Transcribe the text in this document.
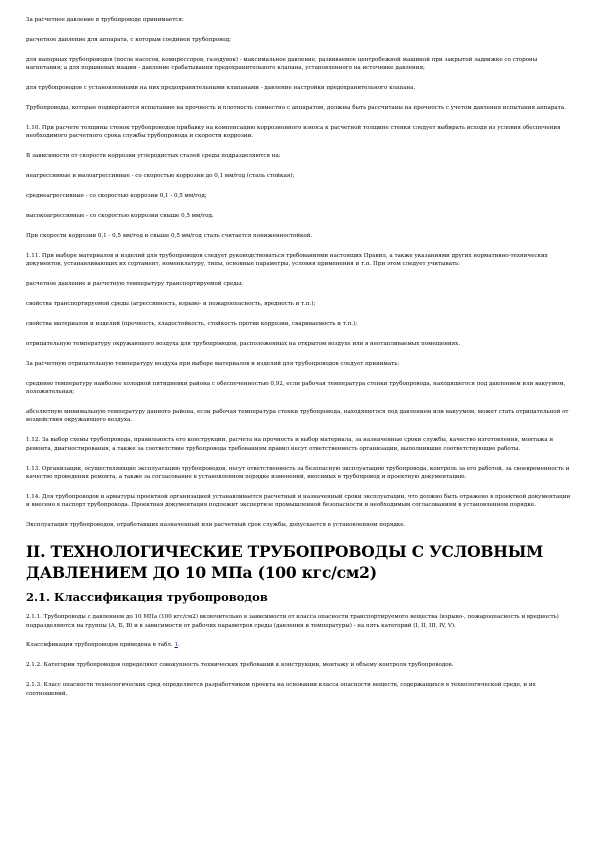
За расчетное давление в трубопроводе принимается:

расчетное давление для аппарата, с которым соединен трубопровод;

для напорных трубопроводов (после насосов, компрессоров, газодувок) - максимальное давление, развиваемое центробежной машиной при закрытой задвижке со стороны нагнетания; а для поршневых машин - давление срабатывания предохранительного клапана, установленного на источнике давления;

для трубопроводов с установленными на них предохранительными клапанами - давление настройки предохранительного клапана.

Трубопроводы, которые подвергаются испытанию на прочность и плотность совместно с аппаратом, должны быть рассчитаны на прочность с учетом давления испытания аппарата.

1.10. При расчете толщины стенок трубопроводов прибавку на компенсацию коррозионного износа к расчетной толщине стенки следует выбирать исходя из условия обеспечения необходимого расчетного срока службы трубопровода и скорости коррозии.

В зависимости от скорости коррозии углеродистых сталей среды подразделяются на:

неагрессивные и малоагрессивные - со скоростью коррозии до 0,1 мм/год (сталь стойкая);

среднеагрессивные - со скоростью коррозии 0,1 - 0,5 мм/год;

высокоагрессивные - со скоростью коррозии свыше 0,5 мм/год.

При скорости коррозии 0,1 - 0,5 мм/год и свыше 0,5 мм/год сталь считается пониженностойкой.

1.11. При выборе материалов и изделий для трубопроводов следует руководствоваться требованиями настоящих Правил, а также указаниями других нормативно-технических документов, устанавливающих их сортамент, номенклатуру, типы, основные параметры, условия применения и т.п. При этом следует учитывать:

расчетное давление и расчетную температуру транспортируемой среды;

свойства транспортируемой среды (агрессивность, взрыво- и пожароопасность, вредность и т.п.);

свойства материалов и изделий (прочность, хладостойкость, стойкость против коррозии, свариваемость и т.п.);

отрицательную температуру окружающего воздуха для трубопроводов, расположенных на открытом воздухе или в неотапливаемых помещениях.

За расчетную отрицательную температуру воздуха при выборе материалов и изделий для трубопроводов следует принимать:

среднюю температуру наиболее холодной пятидневки района с обеспеченностью 0,92, если рабочая температура стенки трубопровода, находящегося под давлением или вакуумом, положительная;

абсолютную минимальную температуру данного района, если рабочая температура стенки трубопровода, находящегося под давлением или вакуумом, может стать отрицательной от воздействия окружающего воздуха.

1.12. За выбор схемы трубопровода, правильность его конструкции, расчета на прочность и выбор материала, за назначенные сроки службы, качество изготовления, монтажа и ремонта, диагностирования, а также за соответствие трубопровода требованиям правил несут ответственность организации, выполнившие соответствующие работы.

1.13. Организации, осуществляющие эксплуатацию трубопроводов, несут ответственность за безопасную эксплуатацию трубопровода, контроль за его работой, за своевременность и качество проведения ремонта, а также за согласование в установленном порядке изменений, вносимых в трубопровод и проектную документацию.

1.14. Для трубопроводов и арматуры проектной организацией устанавливается расчетный и назначенный сроки эксплуатации, что должно быть отражено в проектной документации и внесено в паспорт трубопровода. Проектная документация подлежит экспертизе промышленной безопасности и необходимым согласованиям в установленном порядке.

Эксплуатация трубопроводов, отработавших назначенный или расчетный срок службы, допускается в установленном порядке.

II. ТЕХНОЛОГИЧЕСКИЕ ТРУБОПРОВОДЫ С УСЛОВНЫМ ДАВЛЕНИЕМ ДО 10 МПа (100 кгс/см2)
2.1. Классификация трубопроводов

2.1.1. Трубопроводы с давлением до 10 МПа (100 кгс/см2) включительно в зависимости от класса опасности транспортируемого вещества (взрыво-, пожароопасность и вредность) подразделяются на группы (А, Б, В) и в зависимости от рабочих параметров среды (давления и температуры) - на пять категорий (I, II, III, IV, V).

Классификация трубопроводов приведена в табл. 1.

2.1.2. Категории трубопроводов определяют совокупность технических требований к конструкции, монтажу и объему контроля трубопроводов.

2.1.3. Класс опасности технологических сред определяется разработчиком проекта на основании класса опасности веществ, содержащихся в технологической среде, и их соотношений.
